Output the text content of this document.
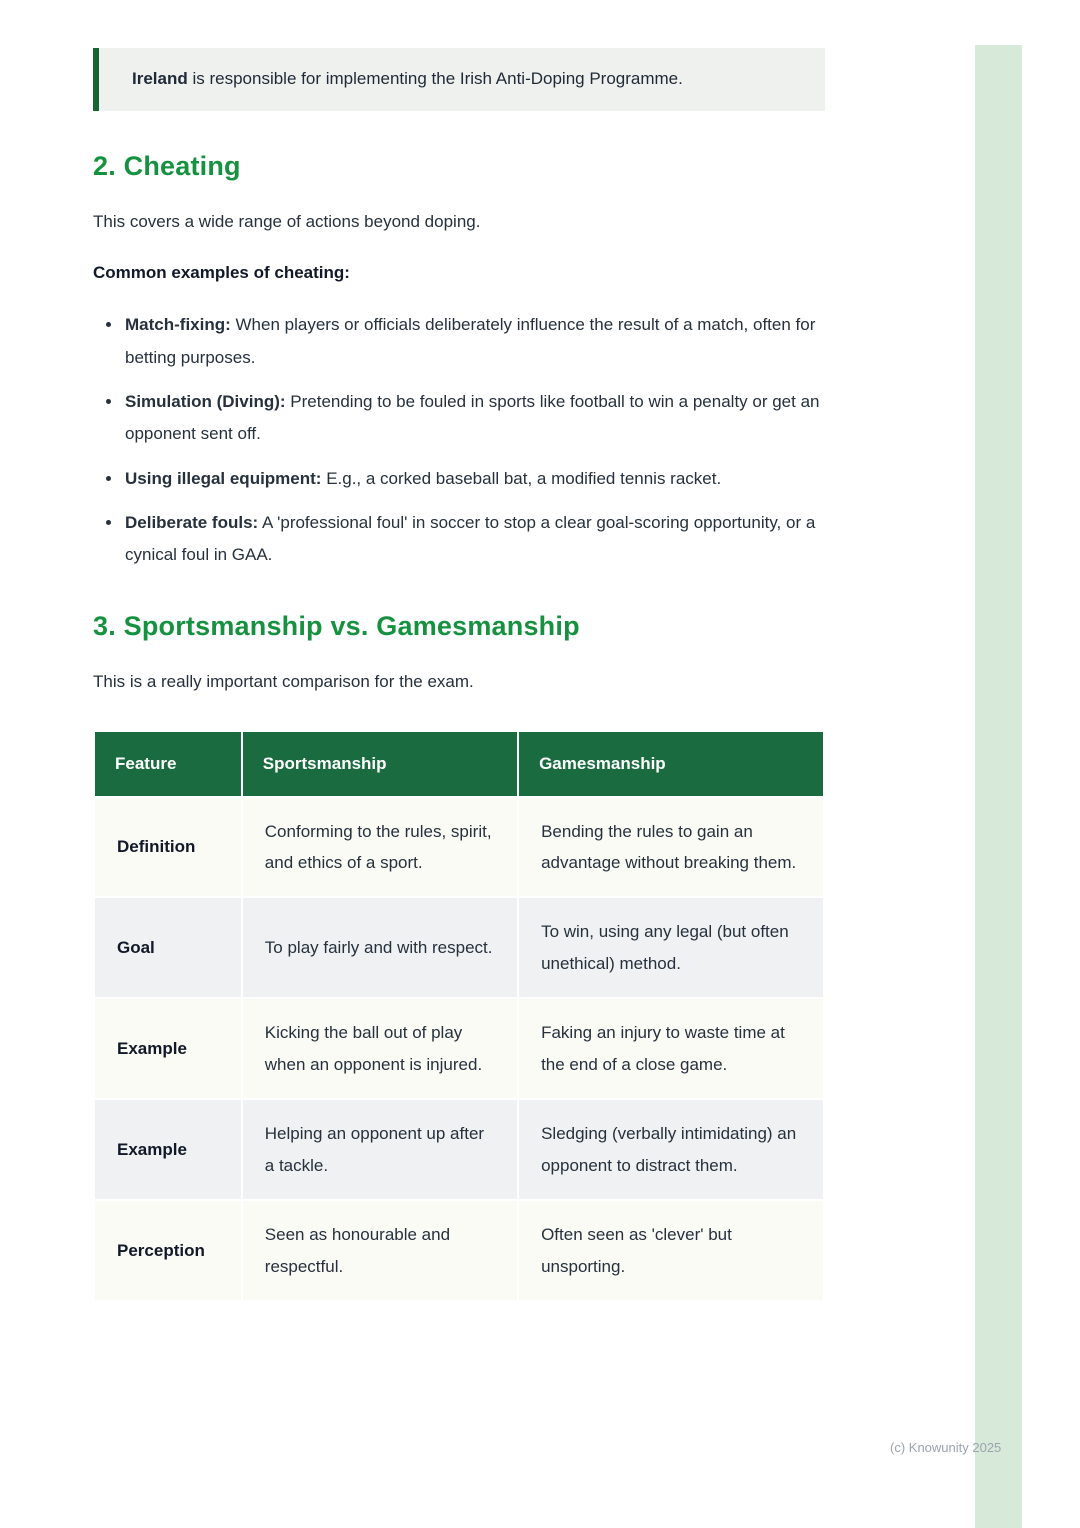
Ireland is responsible for implementing the Irish Anti-Doping Programme.
2. Cheating

This covers a wide range of actions beyond doping.

Common examples of cheating:

• Match-fixing: When players or officials deliberately influence the result of a match, often for betting purposes.
• Simulation (Diving): Pretending to be fouled in sports like football to win a penalty or get an opponent sent off.
• Using illegal equipment: E.g., a corked baseball bat, a modified tennis racket.
• Deliberate fouls: A 'professional foul' in soccer to stop a clear goal-scoring opportunity, or a cynical foul in GAA.
3. Sportsmanship vs. Gamesmanship

This is a really important comparison for the exam.

Feature	Sportsmanship	Gamesmanship
Definition	Conforming to the rules, spirit, and ethics of a sport.	Bending the rules to gain an advantage without breaking them.
Goal	To play fairly and with respect.	To win, using any legal (but often unethical) method.
Example	Kicking the ball out of play when an opponent is injured.	Faking an injury to waste time at the end of a close game.
Example	Helping an opponent up after a tackle.	Sledging (verbally intimidating) an opponent to distract them.
Perception	Seen as honourable and respectful.	Often seen as 'clever' but unsporting.
(c) Knowunity 2025
